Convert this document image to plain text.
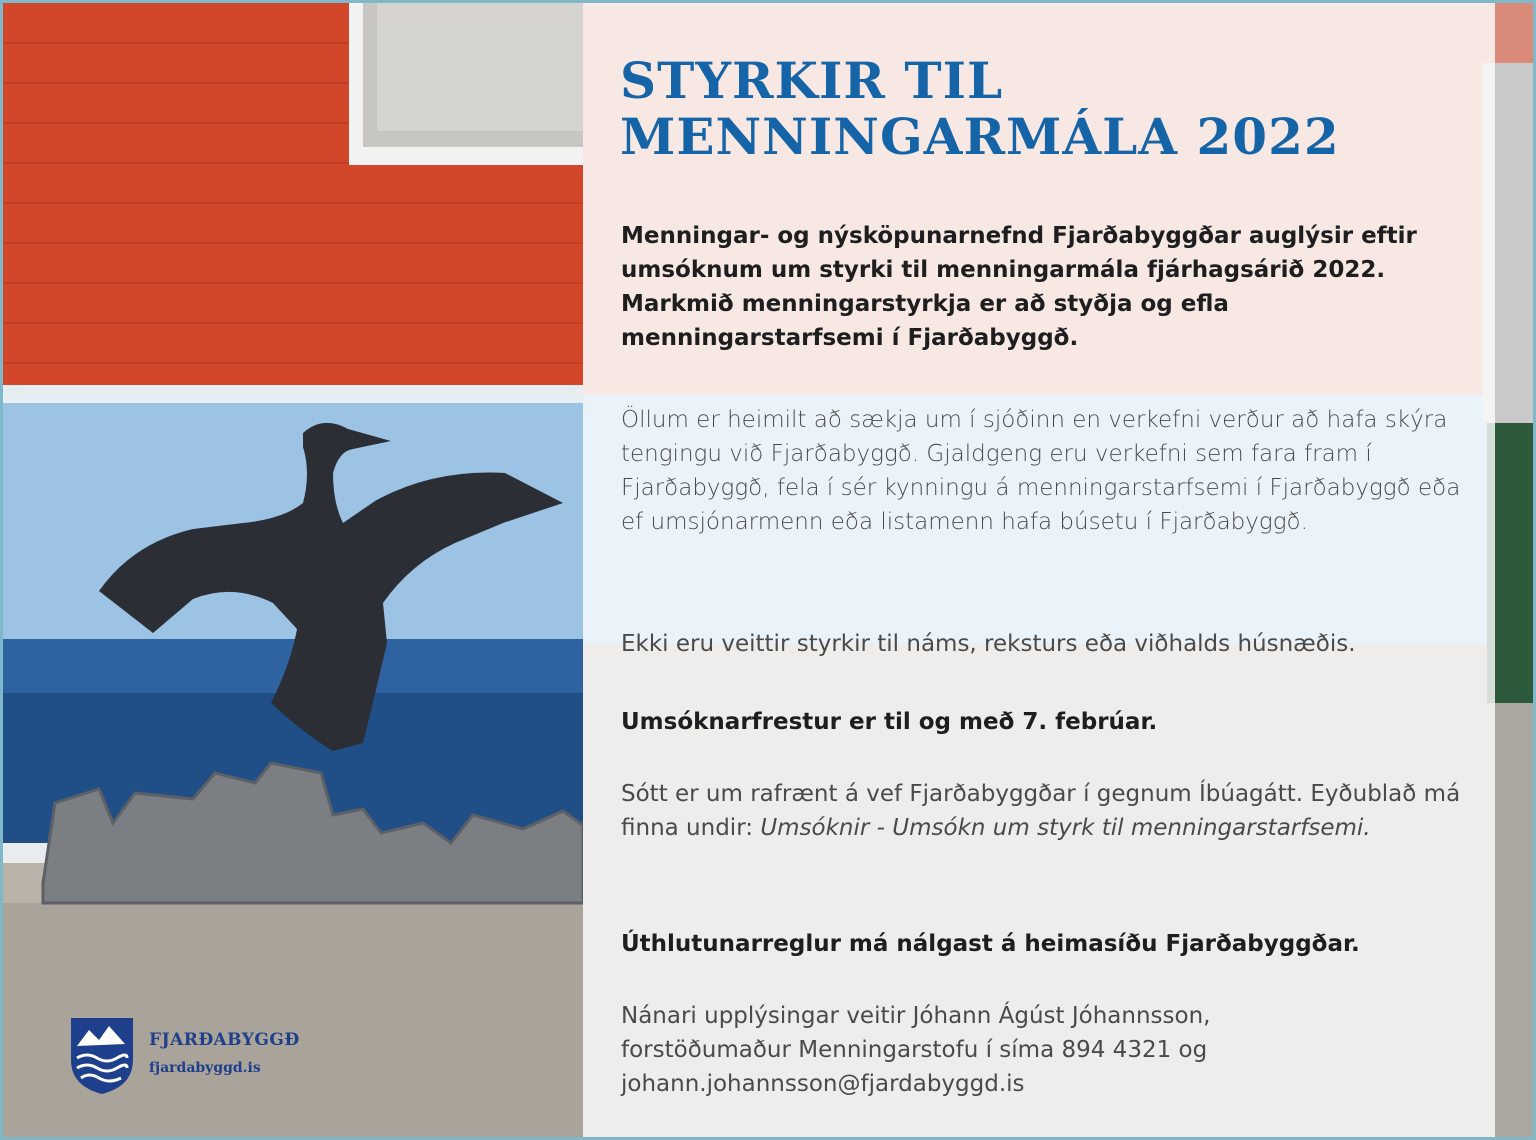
FJARÐABYGGÐ
fjardabyggd.is
STYRKIR TIL
MENNINGARMÁLA 2022

Menningar- og nýsköpunarnefnd Fjarðabyggðar auglýsir eftir umsóknum um styrki til menningarmála fjárhagsárið 2022. Markmið menningarstyrkja er að styðja og efla menningarstarfsemi í Fjarðabyggð.

Öllum er heimilt að sækja um í sjóðinn en verkefni verður að hafa skýra tengingu við Fjarðabyggð. Gjaldgeng eru verkefni sem fara fram í Fjarðabyggð, fela í sér kynningu á menningarstarfsemi í Fjarðabyggð eða ef umsjónarmenn eða listamenn hafa búsetu í Fjarðabyggð.

Ekki eru veittir styrkir til náms, reksturs eða viðhalds húsnæðis.

Umsóknarfrestur er til og með 7. febrúar.

Sótt er um rafrænt á vef Fjarðabyggðar í gegnum Íbúagátt. Eyðublað má finna undir: Umsóknir - Umsókn um styrk til menningarstarfsemi.

Úthlutunarreglur má nálgast á heimasíðu Fjarðabyggðar.

Nánari upplýsingar veitir Jóhann Ágúst Jóhannsson,
forstöðumaður Menningarstofu í síma 894 4321 og
johann.johannsson@fjardabyggd.is
